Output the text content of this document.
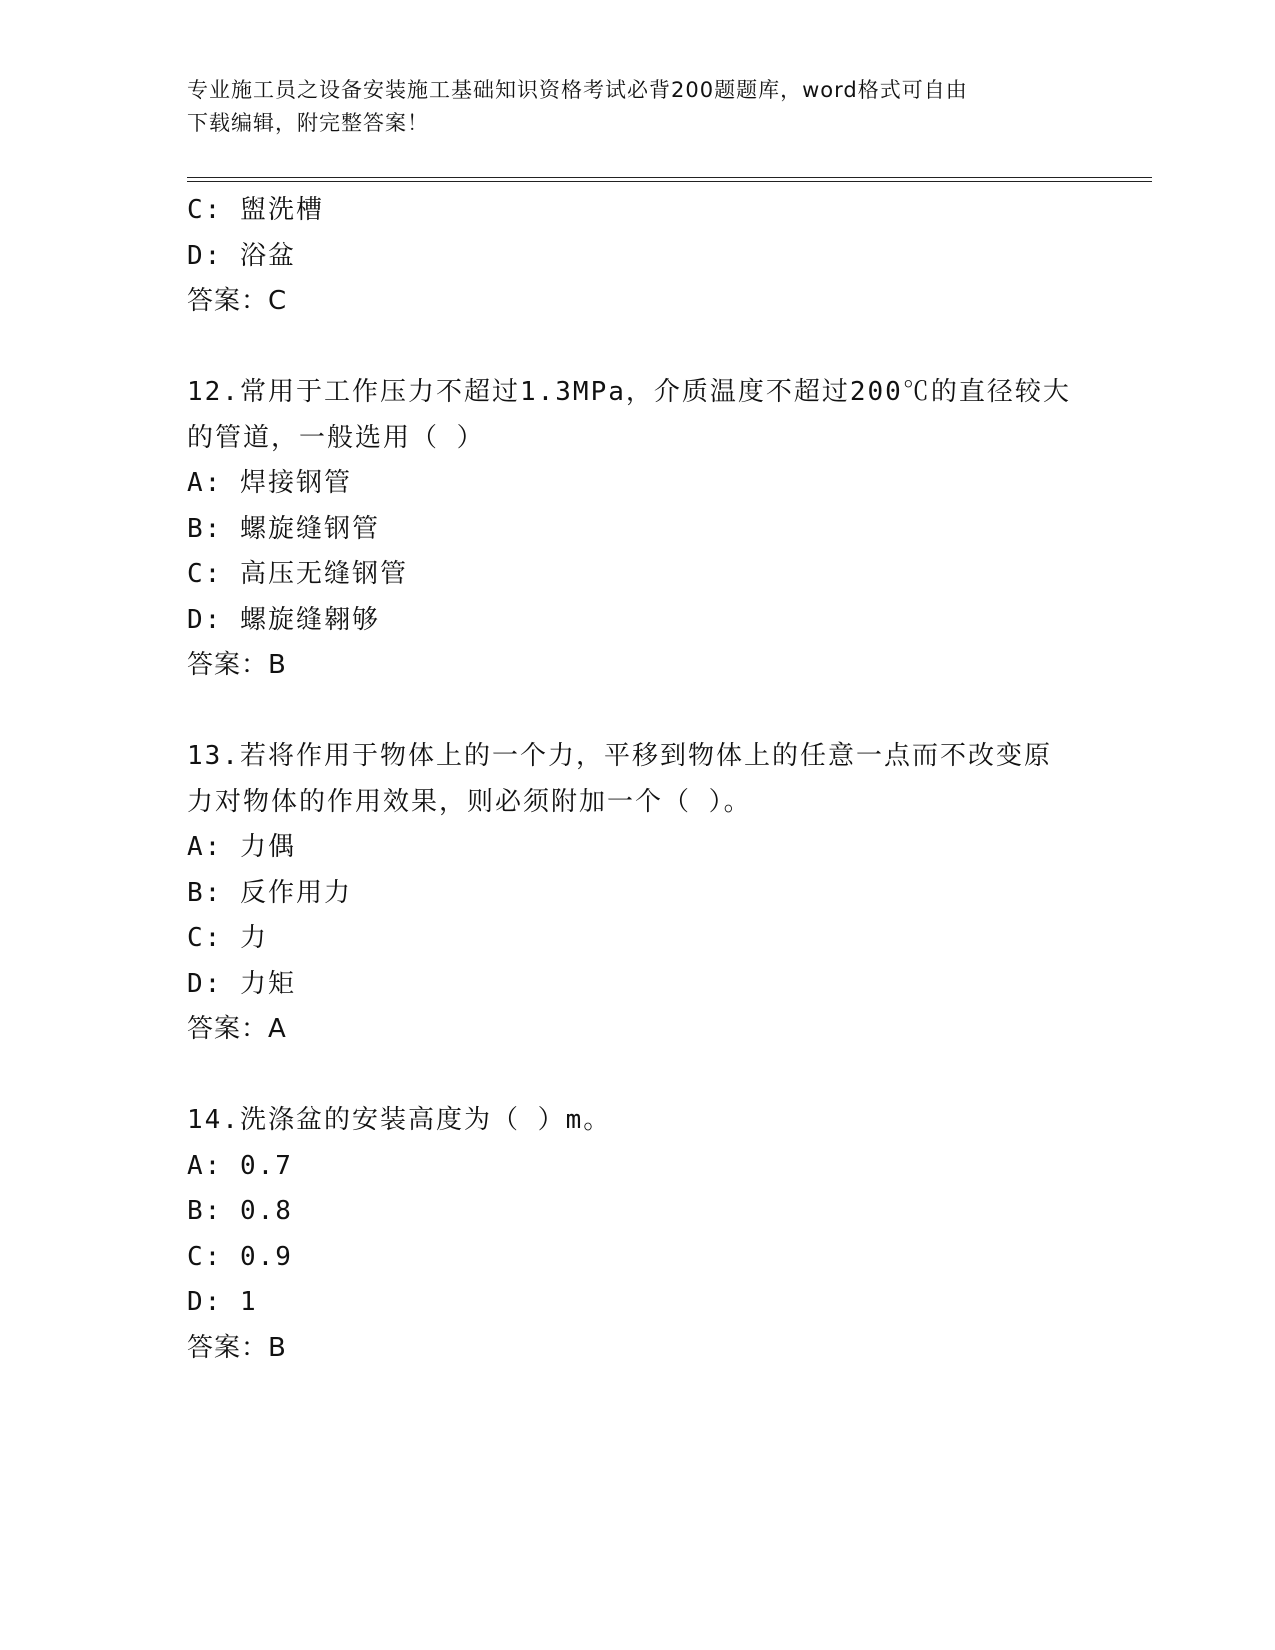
专业施工员之设备安装施工基础知识资格考试必背200题题库，word格式可自由
下载编辑，附完整答案！
C: 盥洗槽
D: 浴盆
答案：C
12.常用于工作压力不超过1.3MPa，介质温度不超过200℃的直径较大
的管道，一般选用（ ）
A: 焊接钢管
B: 螺旋缝钢管
C: 高压无缝钢管
D: 螺旋缝翱够
答案：B
13.若将作用于物体上的一个力，平移到物体上的任意一点而不改变原
力对物体的作用效果，则必须附加一个（ ）。
A: 力偶
B: 反作用力
C: 力
D: 力矩
答案：A
14.洗涤盆的安装高度为（ ）m。
A: 0.7
B: 0.8
C: 0.9
D: 1
答案：B
